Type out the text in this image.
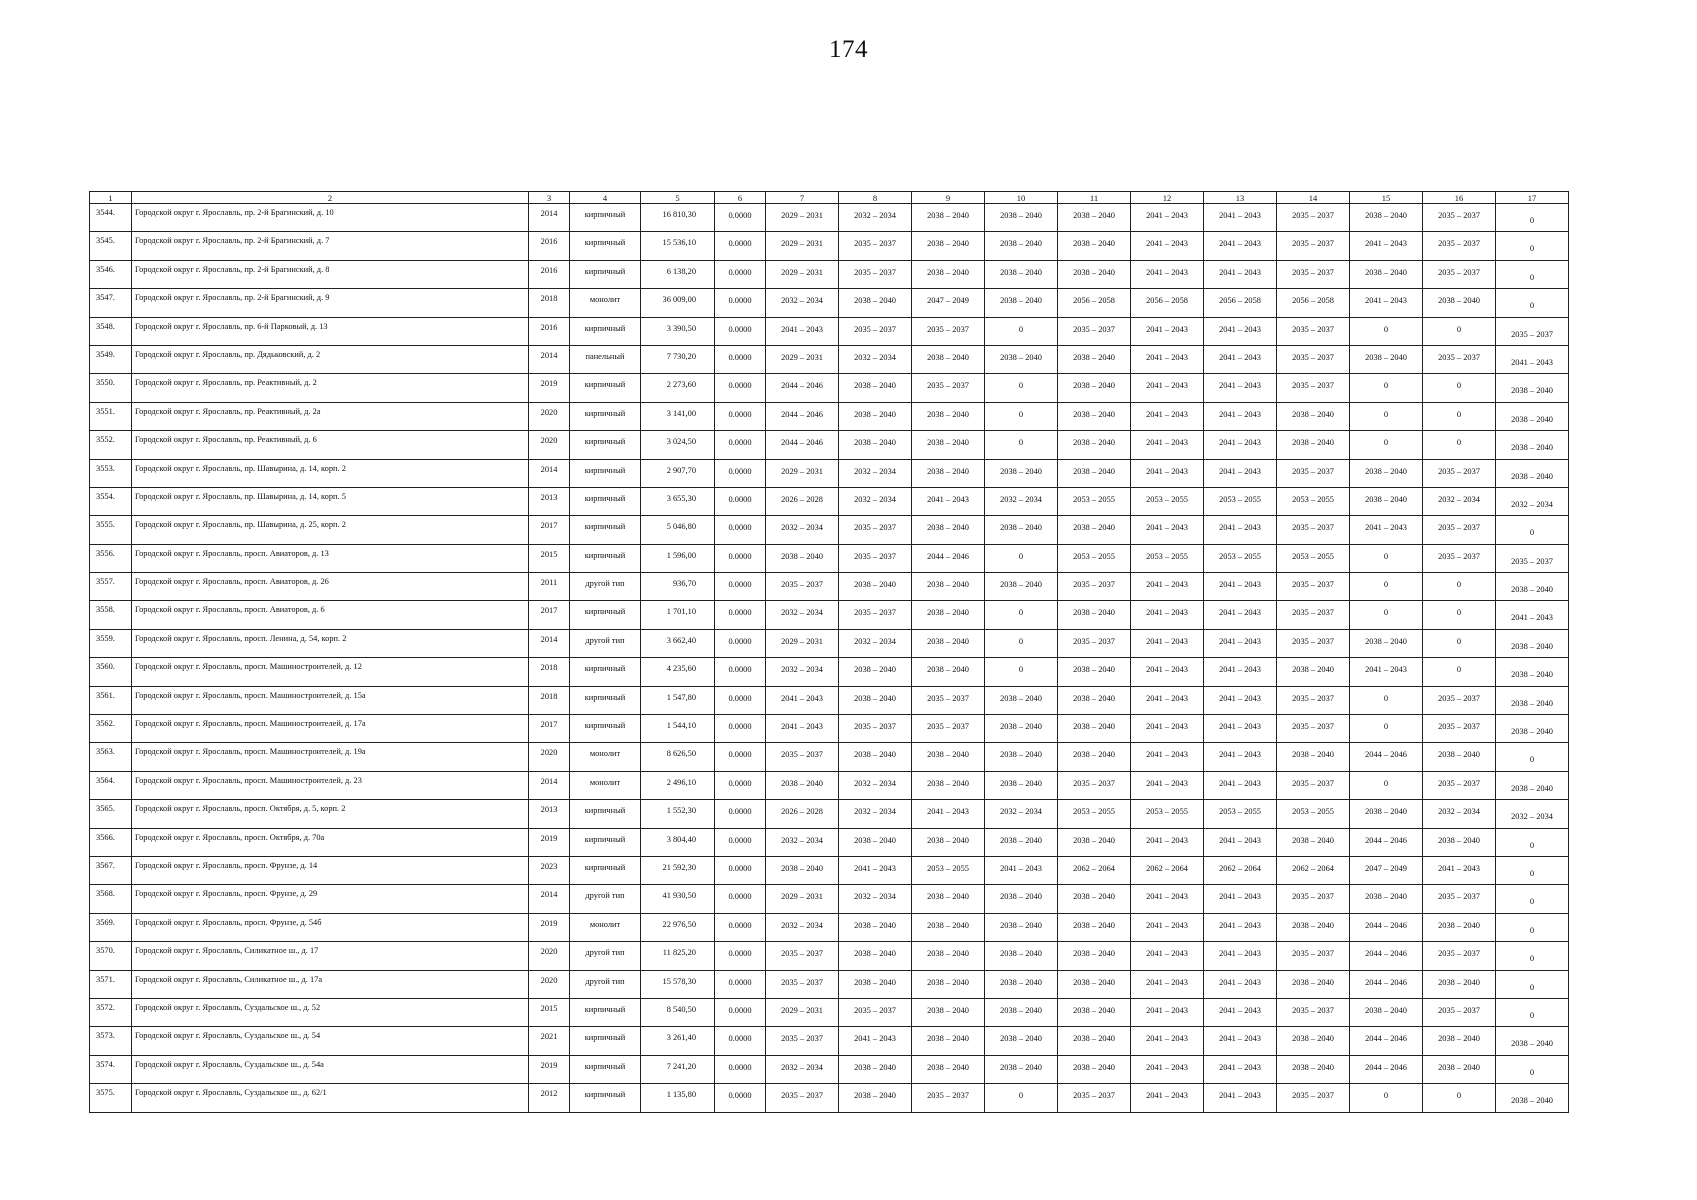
174
1	2	3	4	5	6	7	8	9	10	11	12	13	14	15	16	17
3544.	Городской округ г. Ярославль, пр. 2-й Брагинский, д. 10	2014	кирпичный	16 810,30	0.0000	2029 – 2031	2032 – 2034	2038 – 2040	2038 – 2040	2038 – 2040	2041 – 2043	2041 – 2043	2035 – 2037	2038 – 2040	2035 – 2037	0
3545.	Городской округ г. Ярославль, пр. 2-й Брагинский, д. 7	2016	кирпичный	15 536,10	0.0000	2029 – 2031	2035 – 2037	2038 – 2040	2038 – 2040	2038 – 2040	2041 – 2043	2041 – 2043	2035 – 2037	2041 – 2043	2035 – 2037	0
3546.	Городской округ г. Ярославль, пр. 2-й Брагинский, д. 8	2016	кирпичный	6 138,20	0.0000	2029 – 2031	2035 – 2037	2038 – 2040	2038 – 2040	2038 – 2040	2041 – 2043	2041 – 2043	2035 – 2037	2038 – 2040	2035 – 2037	0
3547.	Городской округ г. Ярославль, пр. 2-й Брагинский, д. 9	2018	монолит	36 009,00	0.0000	2032 – 2034	2038 – 2040	2047 – 2049	2038 – 2040	2056 – 2058	2056 – 2058	2056 – 2058	2056 – 2058	2041 – 2043	2038 – 2040	0
3548.	Городской округ г. Ярославль, пр. 6-й Парковый, д. 13	2016	кирпичный	3 390,50	0.0000	2041 – 2043	2035 – 2037	2035 – 2037	0	2035 – 2037	2041 – 2043	2041 – 2043	2035 – 2037	0	0	2035 – 2037
3549.	Городской округ г. Ярославль, пр. Дядьковский, д. 2	2014	панельный	7 730,20	0.0000	2029 – 2031	2032 – 2034	2038 – 2040	2038 – 2040	2038 – 2040	2041 – 2043	2041 – 2043	2035 – 2037	2038 – 2040	2035 – 2037	2041 – 2043
3550.	Городской округ г. Ярославль, пр. Реактивный, д. 2	2019	кирпичный	2 273,60	0.0000	2044 – 2046	2038 – 2040	2035 – 2037	0	2038 – 2040	2041 – 2043	2041 – 2043	2035 – 2037	0	0	2038 – 2040
3551.	Городской округ г. Ярославль, пр. Реактивный, д. 2а	2020	кирпичный	3 141,00	0.0000	2044 – 2046	2038 – 2040	2038 – 2040	0	2038 – 2040	2041 – 2043	2041 – 2043	2038 – 2040	0	0	2038 – 2040
3552.	Городской округ г. Ярославль, пр. Реактивный, д. 6	2020	кирпичный	3 024,50	0.0000	2044 – 2046	2038 – 2040	2038 – 2040	0	2038 – 2040	2041 – 2043	2041 – 2043	2038 – 2040	0	0	2038 – 2040
3553.	Городской округ г. Ярославль, пр. Шавырина, д. 14, корп. 2	2014	кирпичный	2 907,70	0.0000	2029 – 2031	2032 – 2034	2038 – 2040	2038 – 2040	2038 – 2040	2041 – 2043	2041 – 2043	2035 – 2037	2038 – 2040	2035 – 2037	2038 – 2040
3554.	Городской округ г. Ярославль, пр. Шавырина, д. 14, корп. 5	2013	кирпичный	3 655,30	0.0000	2026 – 2028	2032 – 2034	2041 – 2043	2032 – 2034	2053 – 2055	2053 – 2055	2053 – 2055	2053 – 2055	2038 – 2040	2032 – 2034	2032 – 2034
3555.	Городской округ г. Ярославль, пр. Шавырина, д. 25, корп. 2	2017	кирпичный	5 046,80	0.0000	2032 – 2034	2035 – 2037	2038 – 2040	2038 – 2040	2038 – 2040	2041 – 2043	2041 – 2043	2035 – 2037	2041 – 2043	2035 – 2037	0
3556.	Городской округ г. Ярославль, просп. Авиаторов, д. 13	2015	кирпичный	1 596,00	0.0000	2038 – 2040	2035 – 2037	2044 – 2046	0	2053 – 2055	2053 – 2055	2053 – 2055	2053 – 2055	0	2035 – 2037	2035 – 2037
3557.	Городской округ г. Ярославль, просп. Авиаторов, д. 26	2011	другой тип	936,70	0.0000	2035 – 2037	2038 – 2040	2038 – 2040	2038 – 2040	2035 – 2037	2041 – 2043	2041 – 2043	2035 – 2037	0	0	2038 – 2040
3558.	Городской округ г. Ярославль, просп. Авиаторов, д. 6	2017	кирпичный	1 701,10	0.0000	2032 – 2034	2035 – 2037	2038 – 2040	0	2038 – 2040	2041 – 2043	2041 – 2043	2035 – 2037	0	0	2041 – 2043
3559.	Городской округ г. Ярославль, просп. Ленина, д. 54, корп. 2	2014	другой тип	3 662,40	0.0000	2029 – 2031	2032 – 2034	2038 – 2040	0	2035 – 2037	2041 – 2043	2041 – 2043	2035 – 2037	2038 – 2040	0	2038 – 2040
3560.	Городской округ г. Ярославль, просп. Машиностроителей, д. 12	2018	кирпичный	4 235,60	0.0000	2032 – 2034	2038 – 2040	2038 – 2040	0	2038 – 2040	2041 – 2043	2041 – 2043	2038 – 2040	2041 – 2043	0	2038 – 2040
3561.	Городской округ г. Ярославль, просп. Машиностроителей, д. 15а	2018	кирпичный	1 547,80	0.0000	2041 – 2043	2038 – 2040	2035 – 2037	2038 – 2040	2038 – 2040	2041 – 2043	2041 – 2043	2035 – 2037	0	2035 – 2037	2038 – 2040
3562.	Городской округ г. Ярославль, просп. Машиностроителей, д. 17а	2017	кирпичный	1 544,10	0.0000	2041 – 2043	2035 – 2037	2035 – 2037	2038 – 2040	2038 – 2040	2041 – 2043	2041 – 2043	2035 – 2037	0	2035 – 2037	2038 – 2040
3563.	Городской округ г. Ярославль, просп. Машиностроителей, д. 19а	2020	монолит	8 626,50	0.0000	2035 – 2037	2038 – 2040	2038 – 2040	2038 – 2040	2038 – 2040	2041 – 2043	2041 – 2043	2038 – 2040	2044 – 2046	2038 – 2040	0
3564.	Городской округ г. Ярославль, просп. Машиностроителей, д. 23	2014	монолит	2 496,10	0.0000	2038 – 2040	2032 – 2034	2038 – 2040	2038 – 2040	2035 – 2037	2041 – 2043	2041 – 2043	2035 – 2037	0	2035 – 2037	2038 – 2040
3565.	Городской округ г. Ярославль, просп. Октября, д. 5, корп. 2	2013	кирпичный	1 552,30	0.0000	2026 – 2028	2032 – 2034	2041 – 2043	2032 – 2034	2053 – 2055	2053 – 2055	2053 – 2055	2053 – 2055	2038 – 2040	2032 – 2034	2032 – 2034
3566.	Городской округ г. Ярославль, просп. Октября, д. 70а	2019	кирпичный	3 804,40	0.0000	2032 – 2034	2038 – 2040	2038 – 2040	2038 – 2040	2038 – 2040	2041 – 2043	2041 – 2043	2038 – 2040	2044 – 2046	2038 – 2040	0
3567.	Городской округ г. Ярославль, просп. Фрунзе, д. 14	2023	кирпичный	21 592,30	0.0000	2038 – 2040	2041 – 2043	2053 – 2055	2041 – 2043	2062 – 2064	2062 – 2064	2062 – 2064	2062 – 2064	2047 – 2049	2041 – 2043	0
3568.	Городской округ г. Ярославль, просп. Фрунзе, д. 29	2014	другой тип	41 930,50	0.0000	2029 – 2031	2032 – 2034	2038 – 2040	2038 – 2040	2038 – 2040	2041 – 2043	2041 – 2043	2035 – 2037	2038 – 2040	2035 – 2037	0
3569.	Городской округ г. Ярославль, просп. Фрунзе, д. 54б	2019	монолит	22 976,50	0.0000	2032 – 2034	2038 – 2040	2038 – 2040	2038 – 2040	2038 – 2040	2041 – 2043	2041 – 2043	2038 – 2040	2044 – 2046	2038 – 2040	0
3570.	Городской округ г. Ярославль, Силикатное ш., д. 17	2020	другой тип	11 825,20	0.0000	2035 – 2037	2038 – 2040	2038 – 2040	2038 – 2040	2038 – 2040	2041 – 2043	2041 – 2043	2035 – 2037	2044 – 2046	2035 – 2037	0
3571.	Городской округ г. Ярославль, Силикатное ш., д. 17а	2020	другой тип	15 578,30	0.0000	2035 – 2037	2038 – 2040	2038 – 2040	2038 – 2040	2038 – 2040	2041 – 2043	2041 – 2043	2038 – 2040	2044 – 2046	2038 – 2040	0
3572.	Городской округ г. Ярославль, Суздальское ш., д. 52	2015	кирпичный	8 540,50	0.0000	2029 – 2031	2035 – 2037	2038 – 2040	2038 – 2040	2038 – 2040	2041 – 2043	2041 – 2043	2035 – 2037	2038 – 2040	2035 – 2037	0
3573.	Городской округ г. Ярославль, Суздальское ш., д. 54	2021	кирпичный	3 261,40	0.0000	2035 – 2037	2041 – 2043	2038 – 2040	2038 – 2040	2038 – 2040	2041 – 2043	2041 – 2043	2038 – 2040	2044 – 2046	2038 – 2040	2038 – 2040
3574.	Городской округ г. Ярославль, Суздальское ш., д. 54а	2019	кирпичный	7 241,20	0.0000	2032 – 2034	2038 – 2040	2038 – 2040	2038 – 2040	2038 – 2040	2041 – 2043	2041 – 2043	2038 – 2040	2044 – 2046	2038 – 2040	0
3575.	Городской округ г. Ярославль, Суздальское ш., д. 62/1	2012	кирпичный	1 135,80	0.0000	2035 – 2037	2038 – 2040	2035 – 2037	0	2035 – 2037	2041 – 2043	2041 – 2043	2035 – 2037	0	0	2038 – 2040
